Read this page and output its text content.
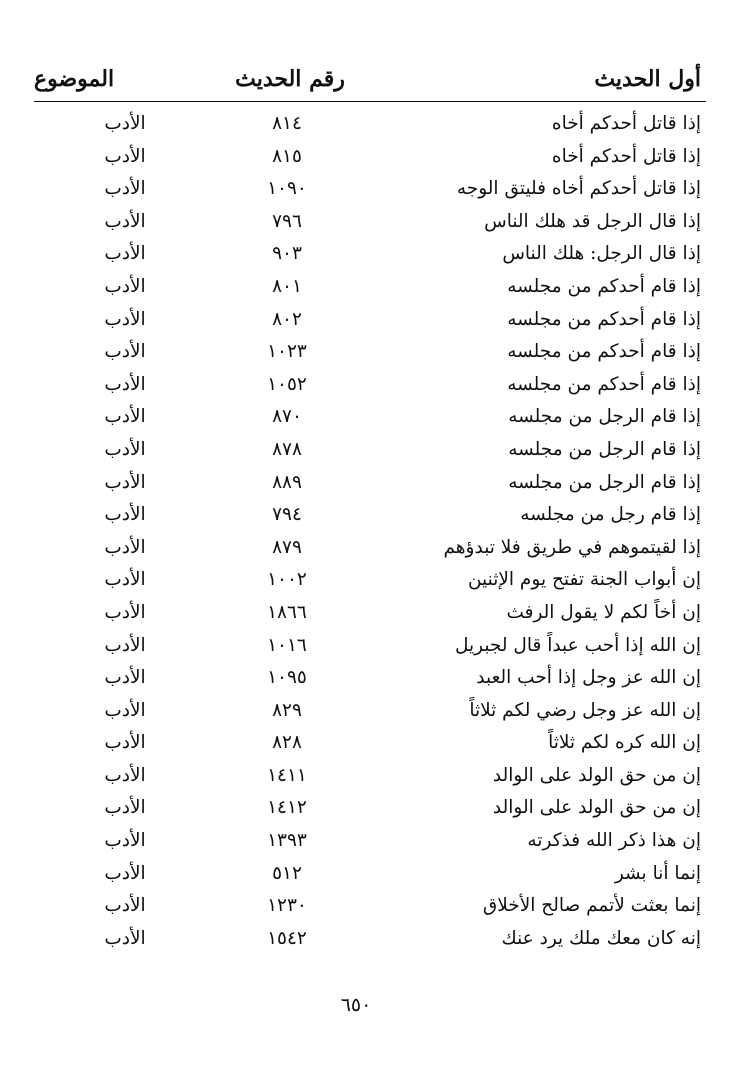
أول الحديث
رقم الحديث
الموضوع
إذا قاتل أحدكم أخاه
٨١٤
الأدب
إذا قاتل أحدكم أخاه
٨١٥
الأدب
إذا قاتل أحدكم أخاه فليتق الوجه
١٠٩٠
الأدب
إذا قال الرجل قد هلك الناس
٧٩٦
الأدب
إذا قال الرجل: هلك الناس
٩٠٣
الأدب
إذا قام أحدكم من مجلسه
٨٠١
الأدب
إذا قام أحدكم من مجلسه
٨٠٢
الأدب
إذا قام أحدكم من مجلسه
١٠٢٣
الأدب
إذا قام أحدكم من مجلسه
١٠٥٢
الأدب
إذا قام الرجل من مجلسه
٨٧٠
الأدب
إذا قام الرجل من مجلسه
٨٧٨
الأدب
إذا قام الرجل من مجلسه
٨٨٩
الأدب
إذا قام رجل من مجلسه
٧٩٤
الأدب
إذا لقيتموهم في طريق فلا تبدؤهم
٨٧٩
الأدب
إن أبواب الجنة تفتح يوم الإثنين
١٠٠٢
الأدب
إن أخاً لكم لا يقول الرفث
١٨٦٦
الأدب
إن الله إذا أحب عبداً قال لجبريل
١٠١٦
الأدب
إن الله عز وجل إذا أحب العبد
١٠٩٥
الأدب
إن الله عز وجل رضي لكم ثلاثاً
٨٢٩
الأدب
إن الله كره لكم ثلاثاً
٨٢٨
الأدب
إن من حق الولد على الوالد
١٤١١
الأدب
إن من حق الولد على الوالد
١٤١٢
الأدب
إن هذا ذكر الله فذكرته
١٣٩٣
الأدب
إنما أنا بشر
٥١٢
الأدب
إنما بعثت لأتمم صالح الأخلاق
١٢٣٠
الأدب
إنه كان معك ملك يرد عنك
١٥٤٢
الأدب
٦٥٠
